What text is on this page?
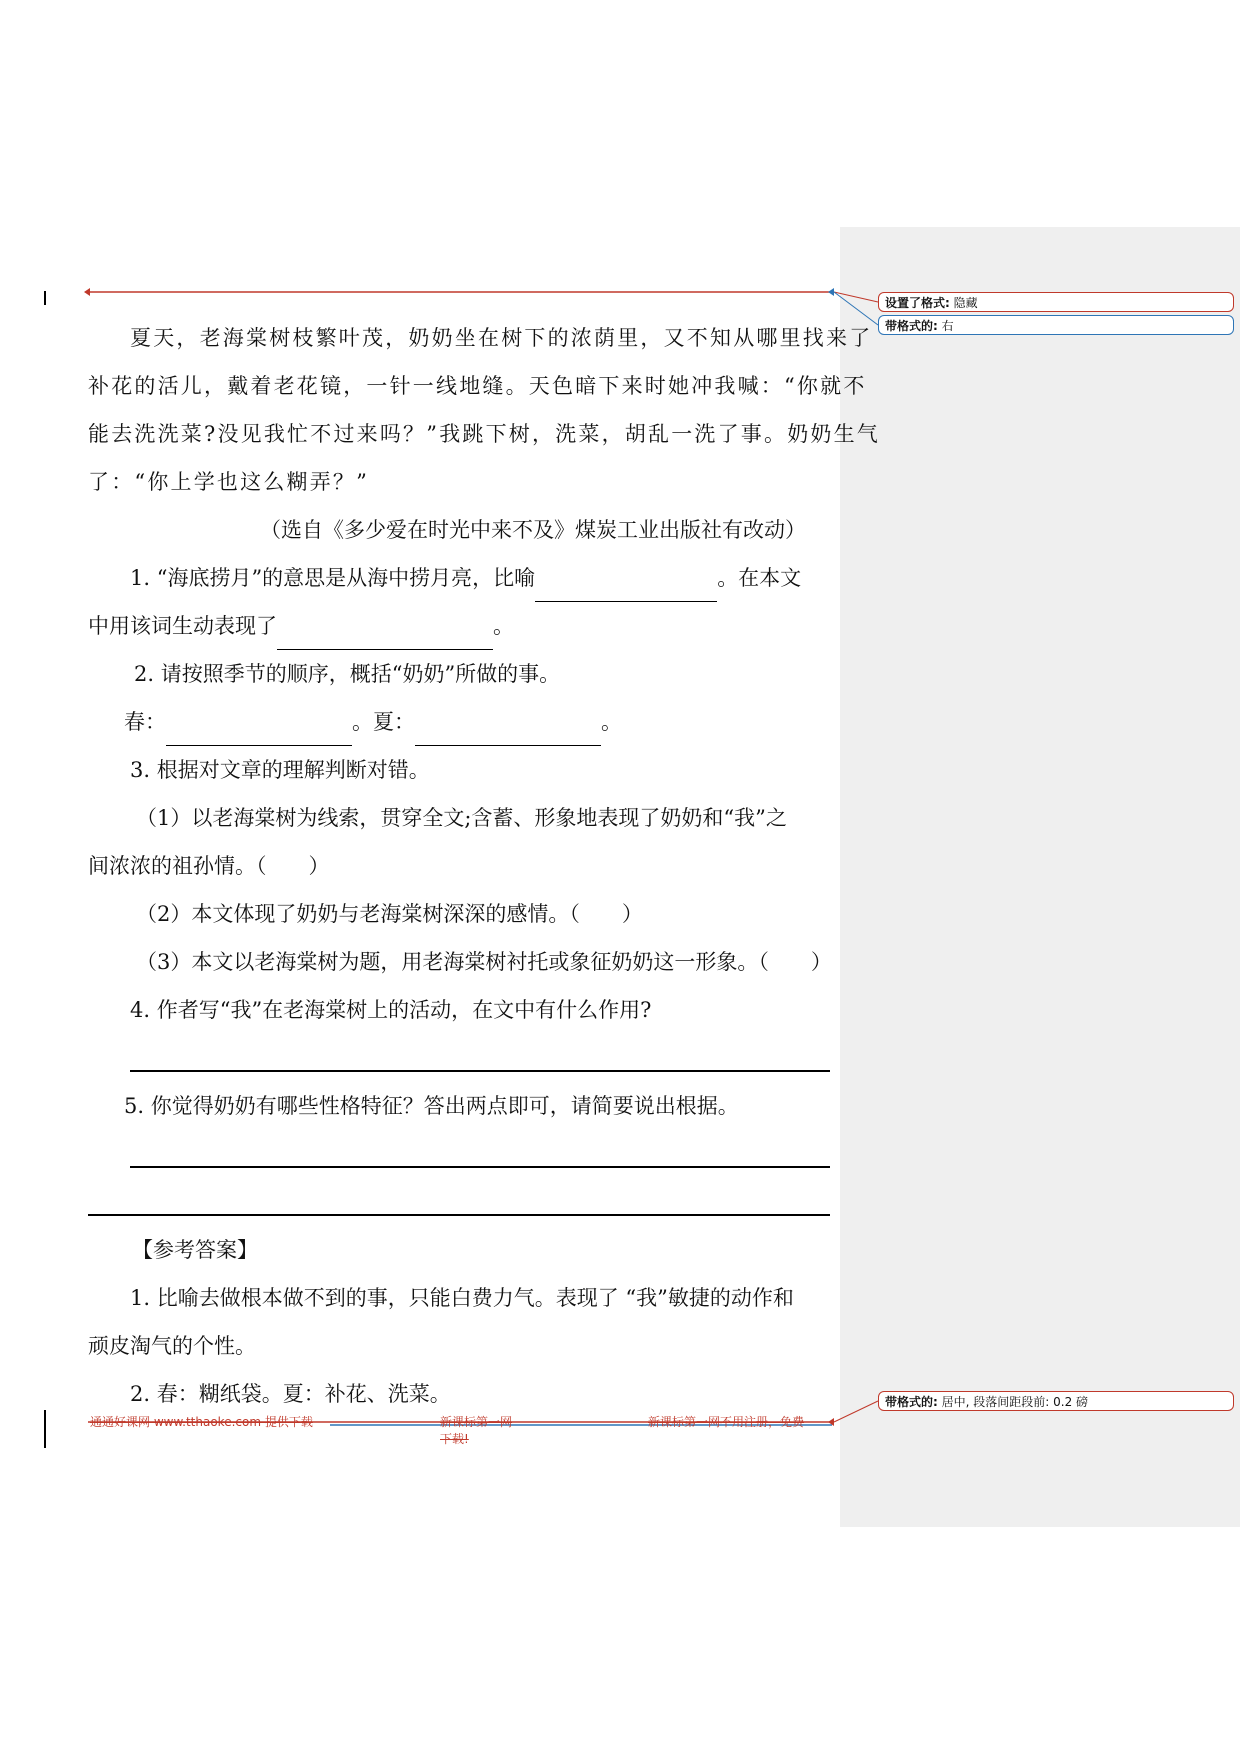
夏天，老海棠树枝繁叶茂，奶奶坐在树下的浓荫里，又不知从哪里找来了

补花的活儿，戴着老花镜，一针一线地缝。天色暗下来时她冲我喊：“你就不

能去洗洗菜?没见我忙不过来吗？”我跳下树，洗菜，胡乱一洗了事。奶奶生气

了：“你上学也这么糊弄？”

（选自《多少爱在时光中来不及》煤炭工业出版社有改动）

1. “海底捞月”的意思是从海中捞月亮，比喻	。在本文

中用该词生动表现了	。

2. 请按照季节的顺序，概括“奶奶”所做的事。

春：	。夏：	。

3. 根据对文章的理解判断对错。

（1）以老海棠树为线索，贯穿全文;含蓄、形象地表现了奶奶和“我”之

间浓浓的祖孙情。（　　）

（2）本文体现了奶奶与老海棠树深深的感情。（　　）

（3）本文以老海棠树为题，用老海棠树衬托或象征奶奶这一形象。（　　）

4. 作者写“我”在老海棠树上的活动，在文中有什么作用?

5. 你觉得奶奶有哪些性格特征？答出两点即可，请简要说出根据。

【参考答案】

1. 比喻去做根本做不到的事，只能白费力气。表现了 “我”敏捷的动作和

顽皮淘气的个性。

2. 春：糊纸袋。夏：补花、洗菜。

通通好课网 www.tthaoke.com 提供下载	新课标第一网
下载!
新课标第一网不用注册，免费
设置了格式: 隐藏
带格式的: 右
带格式的: 居中, 段落间距段前: 0.2 磅
